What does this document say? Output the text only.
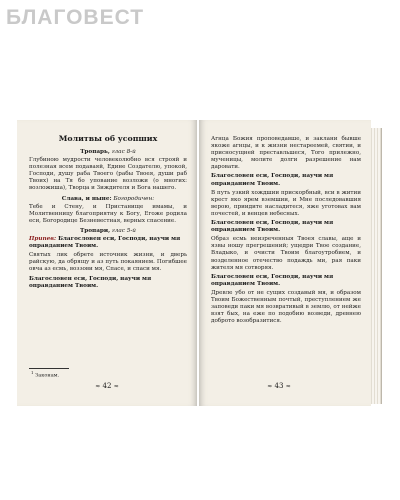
БЛАГОВЕСТ
Молитвы об усопших
Тропарь, глас 8-й

Глубиною мудрости человеколюбно вся строяй и полезная всем подаваяй, Едине Создателю, упокой, Господи, душу раба Твоего (рабы Твоея, души раб Твоих) на Тя бо упование возложи (о многих: возложиша), Творца и Зиждителя и Бога нашего.

Слава, и ныне: Богородичен:

Тебе и Стену, и Пристанище имамы, и Молитвенницу благоприятну к Богу, Егоже родила еси, Богородице Безневестная, верных спасение.

Тропари, глас 5-й
Припев: Благословен еси, Господи, научи мя оправданием Твоим.

Святых лик обрете источник жизни, и дверь райскую, да обрящу и аз путь покаянием. Погибшее овча аз есмь, воззови мя, Спасе, и спаси мя.

Благословен еси, Господи, научи мя оправданием Твоим.
$^1$ Законам.
≈ 42 ≈

Агнца Божия проповедавше, и заклани бывше якоже агнцы, и к жизни нестареемей, святии, и присносущней преставльшеся, Того прилежно, мученицы, молите долги разрешение нам даровати.

Благословен еси, Господи, научи мя оправданием Твоим.

В путь узкий хождшии прискорбный, вси в житии крест яко ярем вземшии, и Мне последовавшия верою, приидите насладитеся, яже уготовах вам почестей, и венцев небесных.

Благословен еси, Господи, научи мя оправданием Твоим.

Образ есмь неизреченныя Твоея славы, аще и язвы ношу прегрешений; ущедри Твое создание, Владыко, и очисти Твоим благоутробием, и возделенное отечество подаждь ми, рая паки жителя мя сотворяя.

Благословен еси, Господи, научи мя оправданием Твоим.

Древле убо от не сущих создавый мя, и образом Твоим Божественным почтый, преступлением же заповеди паки мя возвративый в землю, от нейже взят бых, на еже по подобию возведи, древнею доброто возобразитися.

≈ 43 ≈
